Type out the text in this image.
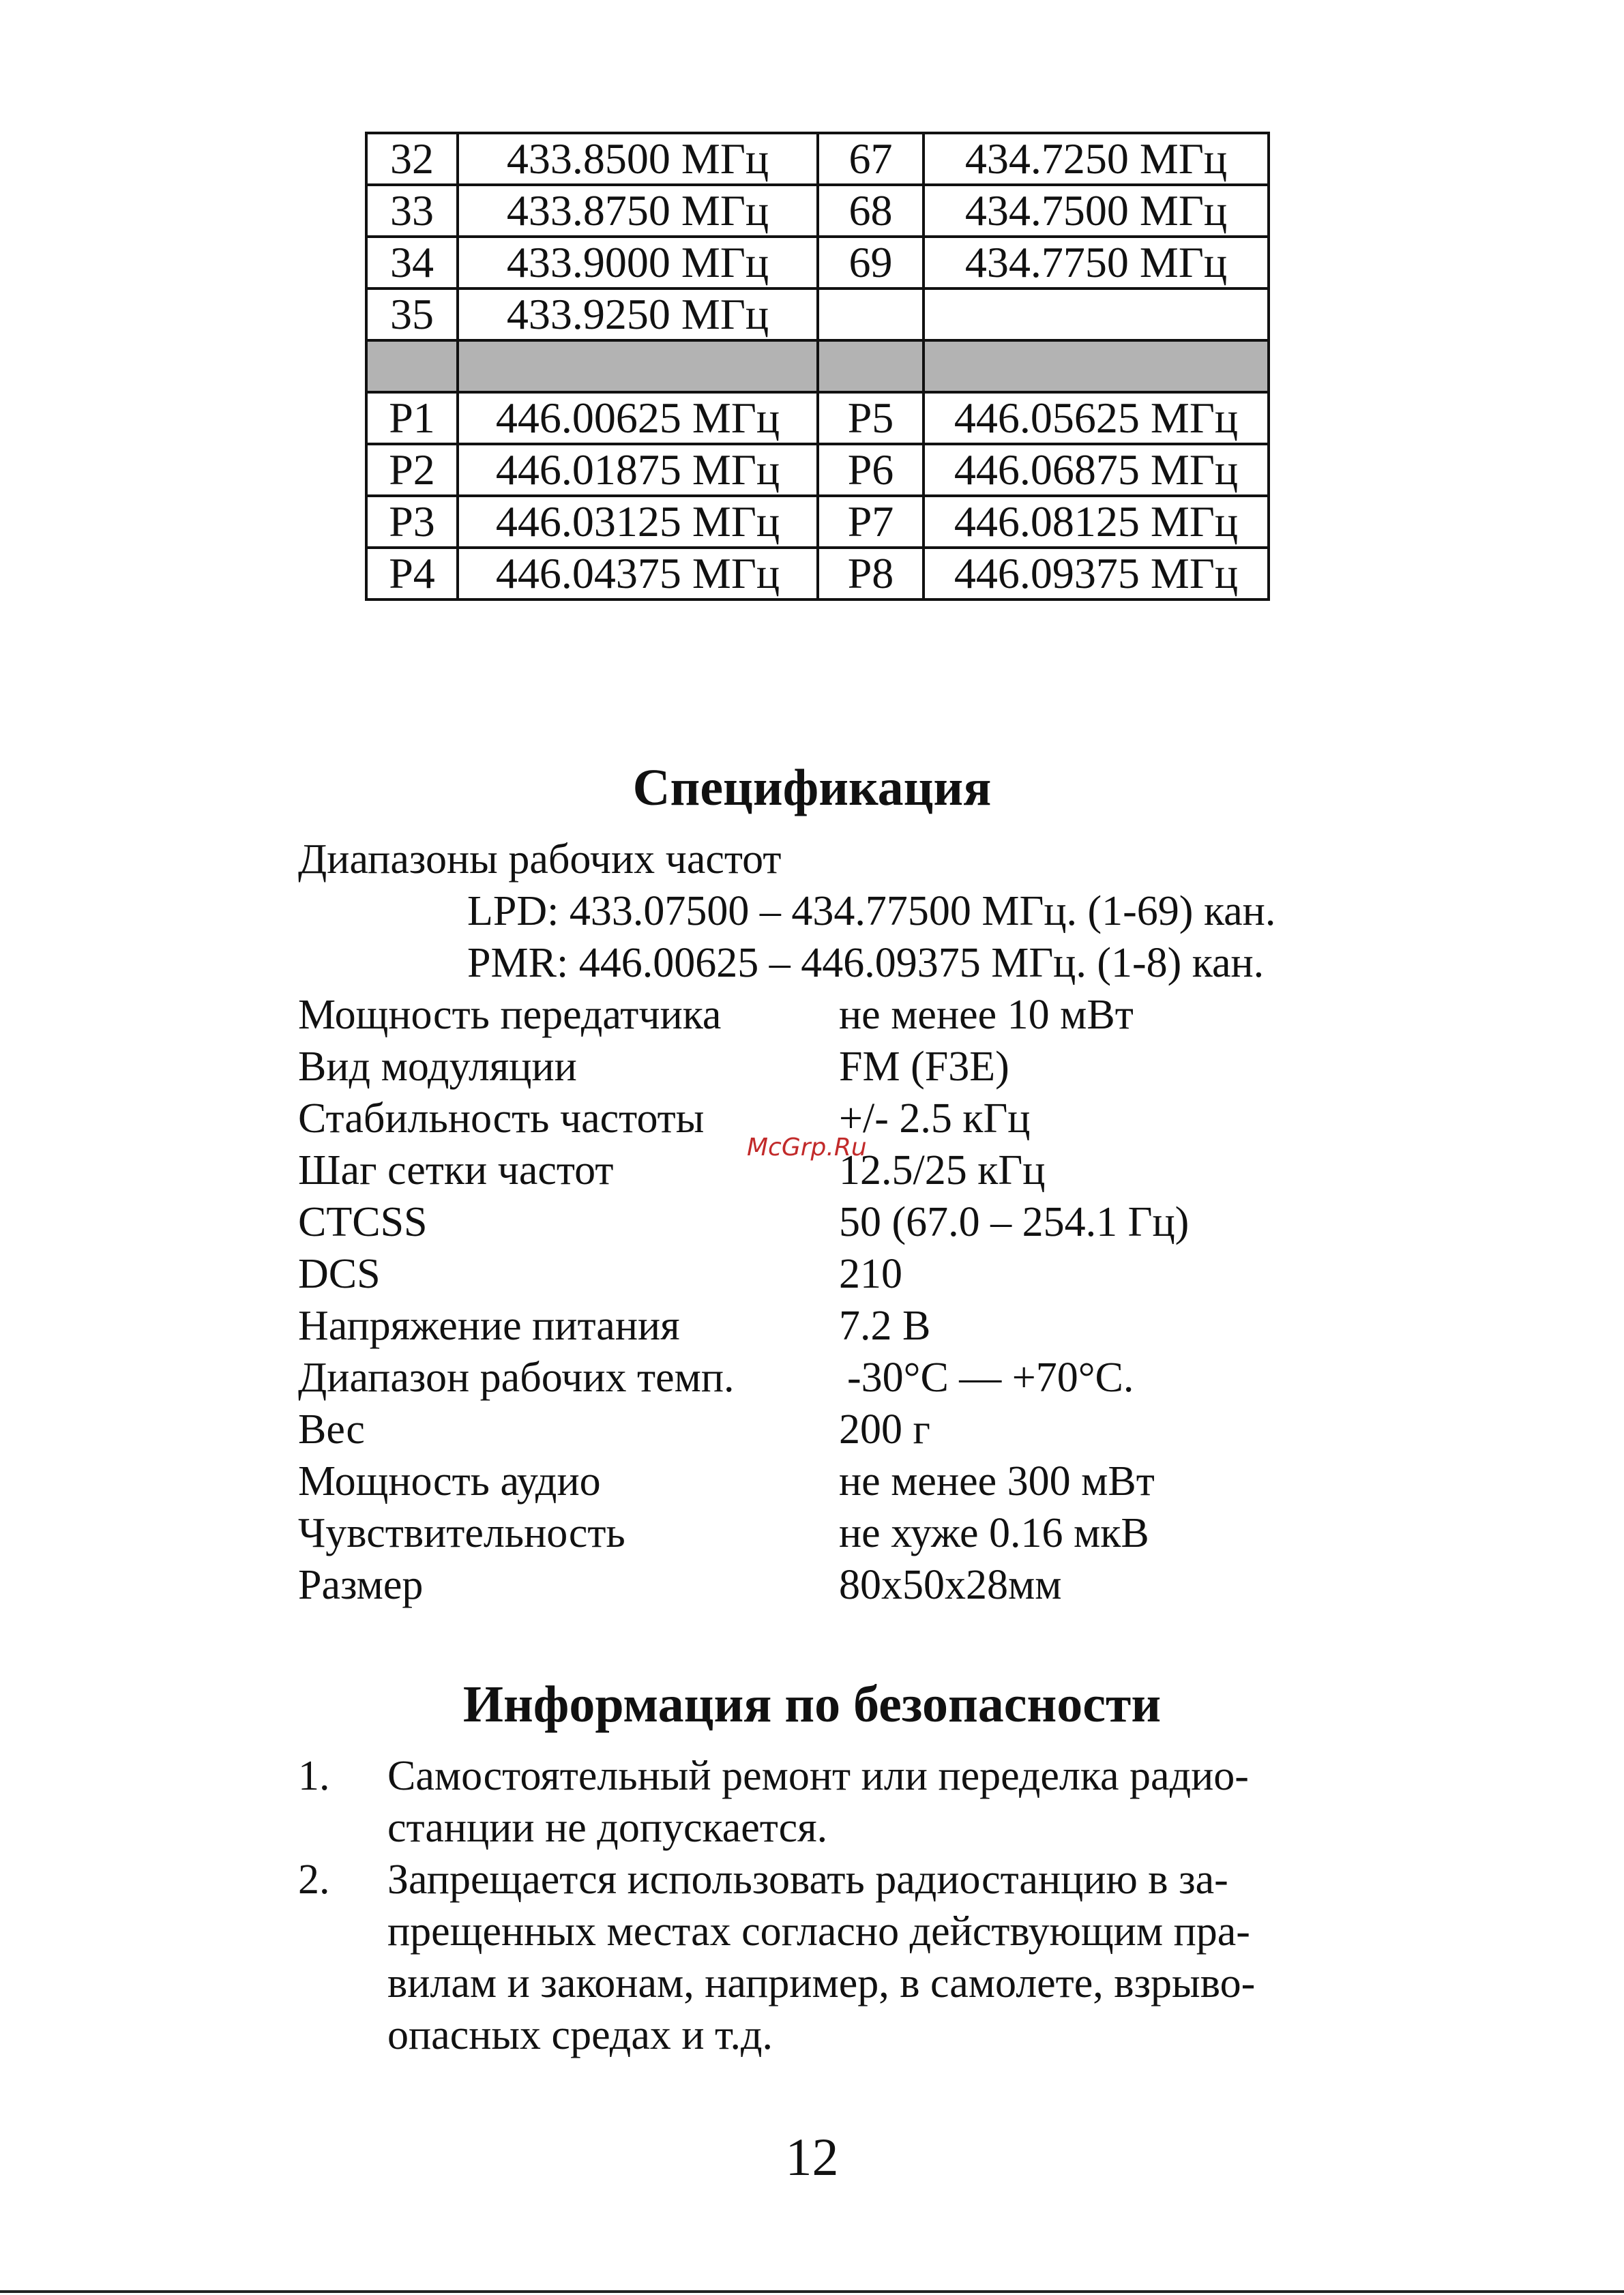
32	433.8500 МГц	67	434.7250 МГц
33	433.8750 МГц	68	434.7500 МГц
34	433.9000 МГц	69	434.7750 МГц
35	433.9250 МГц		

P1	446.00625 МГц	P5	446.05625 МГц
P2	446.01875 МГц	P6	446.06875 МГц
P3	446.03125 МГц	P7	446.08125 МГц
P4	446.04375 МГц	P8	446.09375 МГц
Спецификация
Диапазоны рабочих частот
LPD: 433.07500 – 434.77500 МГц. (1-69) кан.
PMR: 446.00625 – 446.09375 МГц. (1-8) кан.
Мощность передатчика	не менее 10 мВт
Вид модуляции	FM (F3E)
Стабильность частоты	+/- 2.5 кГц
McGrp.Ru
Шаг сетки частот	12.5/25 кГц
CTCSS	50 (67.0 – 254.1 Гц)
DCS	210
Напряжение питания	7.2 В
Диапазон рабочих темп.	-30°C — +70°C.
Вес	200 г
Мощность аудио	не менее 300 мВт
Чувствительность	не хуже 0.16 мкВ
Размер	80x50x28мм
Информация по безопасности
1. Самостоятельный ремонт или переделка радио-
станции не допускается.
2. Запрещается использовать радиостанцию в за-
прещенных местах согласно действующим пра-
вилам и законам, например, в самолете, взрыво-
опасных средах и т.д.
12
